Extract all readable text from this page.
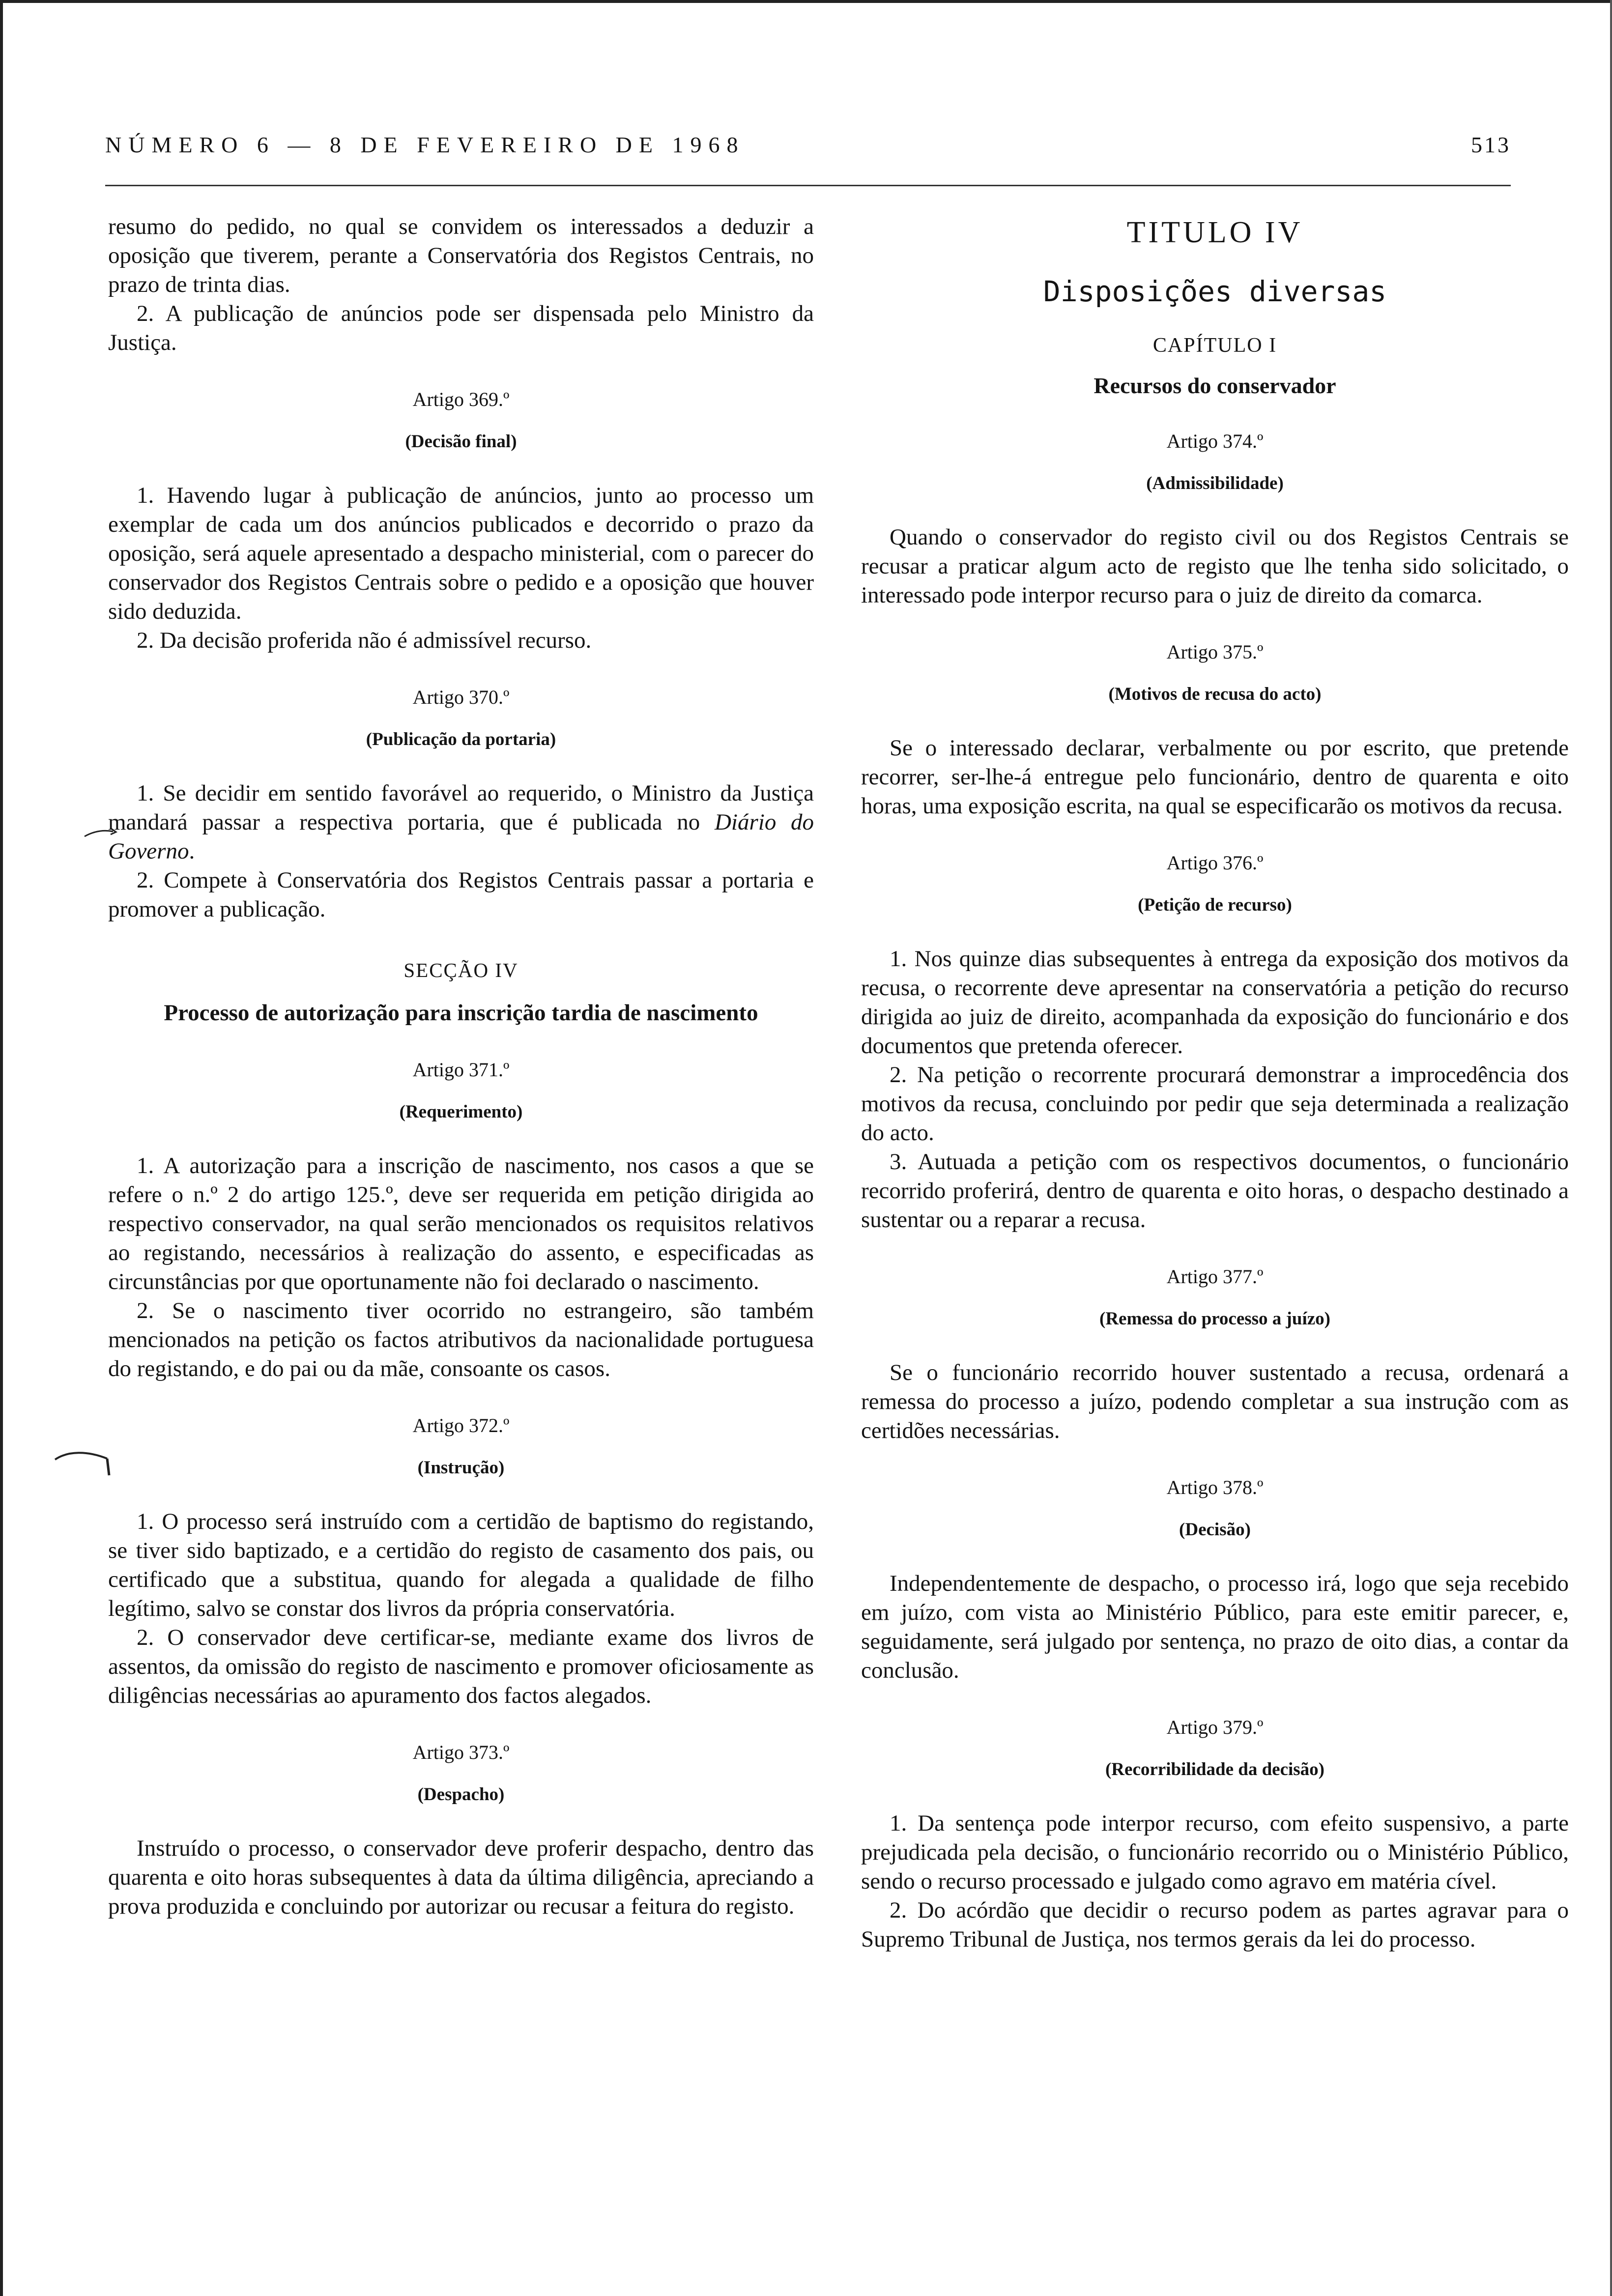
NÚMERO 6 — 8 DE FEVEREIRO DE 1968	513

resumo do pedido, no qual se convidem os interessados a deduzir a oposição que tiverem, perante a Conservatória dos Registos Centrais, no prazo de trinta dias.

2. A publicação de anúncios pode ser dispensada pelo Ministro da Justiça.

Artigo 369.º
(Decisão final)

1. Havendo lugar à publicação de anúncios, junto ao processo um exemplar de cada um dos anúncios publicados e decorrido o prazo da oposição, será aquele apresentado a despacho ministerial, com o parecer do conservador dos Registos Centrais sobre o pedido e a oposição que houver sido deduzida.

2. Da decisão proferida não é admissível recurso.

Artigo 370.º
(Publicação da portaria)

1. Se decidir em sentido favorável ao requerido, o Ministro da Justiça mandará passar a respectiva portaria, que é publicada no Diário do Governo.

2. Compete à Conservatória dos Registos Centrais passar a portaria e promover a publicação.

SECÇÃO IV
Processo de autorização para inscrição tardia de nascimento
Artigo 371.º
(Requerimento)

1. A autorização para a inscrição de nascimento, nos casos a que se refere o n.º 2 do artigo 125.º, deve ser requerida em petição dirigida ao respectivo conservador, na qual serão mencionados os requisitos relativos ao registando, necessários à realização do assento, e especificadas as circunstâncias por que oportunamente não foi declarado o nascimento.

2. Se o nascimento tiver ocorrido no estrangeiro, são também mencionados na petição os factos atributivos da nacionalidade portuguesa do registando, e do pai ou da mãe, consoante os casos.

Artigo 372.º
(Instrução)

1. O processo será instruído com a certidão de baptismo do registando, se tiver sido baptizado, e a certidão do registo de casamento dos pais, ou certificado que a substitua, quando for alegada a qualidade de filho legítimo, salvo se constar dos livros da própria conservatória.

2. O conservador deve certificar-se, mediante exame dos livros de assentos, da omissão do registo de nascimento e promover oficiosamente as diligências necessárias ao apuramento dos factos alegados.

Artigo 373.º
(Despacho)

Instruído o processo, o conservador deve proferir despacho, dentro das quarenta e oito horas subsequentes à data da última diligência, apreciando a prova produzida e concluindo por autorizar ou recusar a feitura do registo.

TITULO IV
Disposições diversas
CAPÍTULO I
Recursos do conservador
Artigo 374.º
(Admissibilidade)

Quando o conservador do registo civil ou dos Registos Centrais se recusar a praticar algum acto de registo que lhe tenha sido solicitado, o interessado pode interpor recurso para o juiz de direito da comarca.

Artigo 375.º
(Motivos de recusa do acto)

Se o interessado declarar, verbalmente ou por escrito, que pretende recorrer, ser-lhe-á entregue pelo funcionário, dentro de quarenta e oito horas, uma exposição escrita, na qual se especificarão os motivos da recusa.

Artigo 376.º
(Petição de recurso)

1. Nos quinze dias subsequentes à entrega da exposição dos motivos da recusa, o recorrente deve apresentar na conservatória a petição do recurso dirigida ao juiz de direito, acompanhada da exposição do funcionário e dos documentos que pretenda oferecer.

2. Na petição o recorrente procurará demonstrar a improcedência dos motivos da recusa, concluindo por pedir que seja determinada a realização do acto.

3. Autuada a petição com os respectivos documentos, o funcionário recorrido proferirá, dentro de quarenta e oito horas, o despacho destinado a sustentar ou a reparar a recusa.

Artigo 377.º
(Remessa do processo a juízo)

Se o funcionário recorrido houver sustentado a recusa, ordenará a remessa do processo a juízo, podendo completar a sua instrução com as certidões necessárias.

Artigo 378.º
(Decisão)

Independentemente de despacho, o processo irá, logo que seja recebido em juízo, com vista ao Ministério Público, para este emitir parecer, e, seguidamente, será julgado por sentença, no prazo de oito dias, a contar da conclusão.

Artigo 379.º
(Recorribilidade da decisão)

1. Da sentença pode interpor recurso, com efeito suspensivo, a parte prejudicada pela decisão, o funcionário recorrido ou o Ministério Público, sendo o recurso processado e julgado como agravo em matéria cível.

2. Do acórdão que decidir o recurso podem as partes agravar para o Supremo Tribunal de Justiça, nos termos gerais da lei do processo.
